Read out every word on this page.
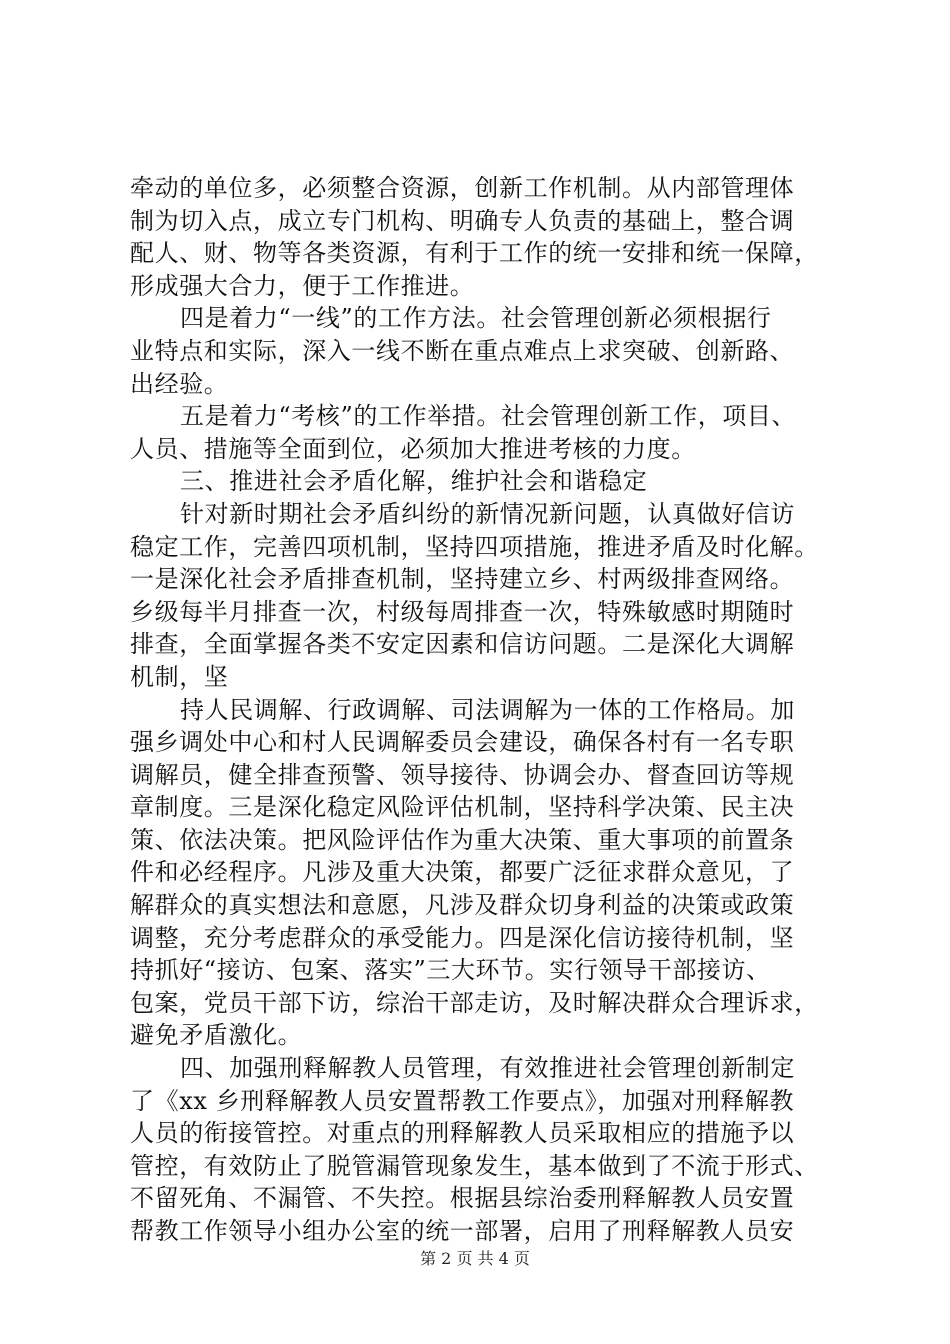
牵动的单位多，必须整合资源，创新工作机制。从内部管理体
制为切入点，成立专门机构、明确专人负责的基础上，整合调
配人、财、物等各类资源，有利于工作的统一安排和统一保障，
形成强大合力，便于工作推进。
四是着力“一线”的工作方法。社会管理创新必须根据行
业特点和实际，深入一线不断在重点难点上求突破、创新路、
出经验。
五是着力“考核”的工作举措。社会管理创新工作，项目、
人员、措施等全面到位，必须加大推进考核的力度。
三、推进社会矛盾化解，维护社会和谐稳定
针对新时期社会矛盾纠纷的新情况新问题，认真做好信访
稳定工作，完善四项机制，坚持四项措施，推进矛盾及时化解。
一是深化社会矛盾排查机制，坚持建立乡、村两级排查网络。
乡级每半月排查一次，村级每周排查一次，特殊敏感时期随时
排查，全面掌握各类不安定因素和信访问题。二是深化大调解
机制，坚
持人民调解、行政调解、司法调解为一体的工作格局。加
强乡调处中心和村人民调解委员会建设，确保各村有一名专职
调解员，健全排查预警、领导接待、协调会办、督查回访等规
章制度。三是深化稳定风险评估机制，坚持科学决策、民主决
策、依法决策。把风险评估作为重大决策、重大事项的前置条
件和必经程序。凡涉及重大决策，都要广泛征求群众意见，了
解群众的真实想法和意愿，凡涉及群众切身利益的决策或政策
调整，充分考虑群众的承受能力。四是深化信访接待机制，坚
持抓好“接访、包案、落实”三大环节。实行领导干部接访、
包案，党员干部下访，综治干部走访，及时解决群众合理诉求，
避免矛盾激化。
四、加强刑释解教人员管理，有效推进社会管理创新制定
了《xx 乡刑释解教人员安置帮教工作要点》，加强对刑释解教
人员的衔接管控。对重点的刑释解教人员采取相应的措施予以
管控，有效防止了脱管漏管现象发生，基本做到了不流于形式、
不留死角、不漏管、不失控。根据县综治委刑释解教人员安置
帮教工作领导小组办公室的统一部署，启用了刑释解教人员安
第 2 页 共 4 页
